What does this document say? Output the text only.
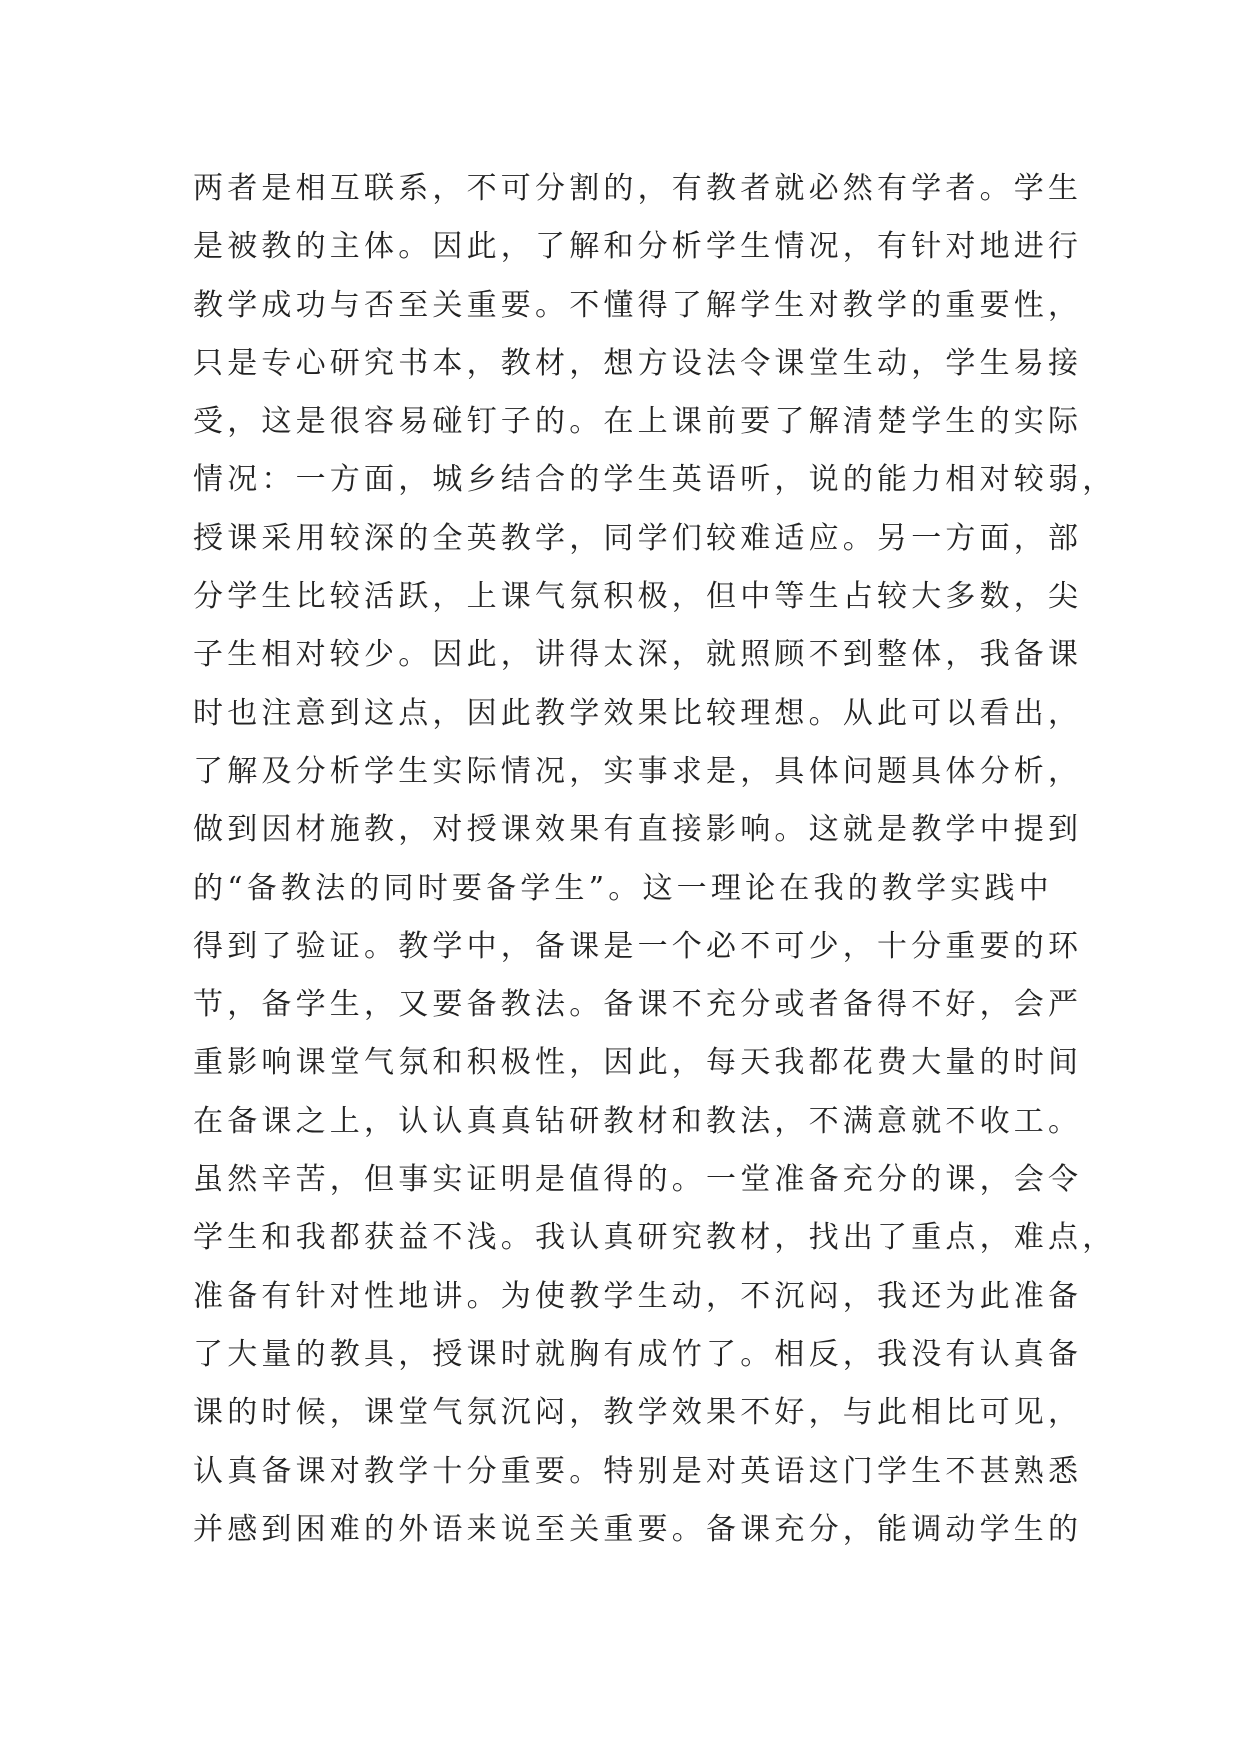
两者是相互联系，不可分割的，有教者就必然有学者。学生
是被教的主体。因此，了解和分析学生情况，有针对地进行
教学成功与否至关重要。不懂得了解学生对教学的重要性，
只是专心研究书本，教材，想方设法令课堂生动，学生易接
受，这是很容易碰钉子的。在上课前要了解清楚学生的实际
情况：一方面，城乡结合的学生英语听，说的能力相对较弱，
授课采用较深的全英教学，同学们较难适应。另一方面，部
分学生比较活跃，上课气氛积极，但中等生占较大多数，尖
子生相对较少。因此，讲得太深，就照顾不到整体，我备课
时也注意到这点，因此教学效果比较理想。从此可以看出，
了解及分析学生实际情况，实事求是，具体问题具体分析，
做到因材施教，对授课效果有直接影响。这就是教学中提到
的“备教法的同时要备学生”。这一理论在我的教学实践中
得到了验证。教学中，备课是一个必不可少，十分重要的环
节，备学生，又要备教法。备课不充分或者备得不好，会严
重影响课堂气氛和积极性，因此，每天我都花费大量的时间
在备课之上，认认真真钻研教材和教法，不满意就不收工。
虽然辛苦，但事实证明是值得的。一堂准备充分的课，会令
学生和我都获益不浅。我认真研究教材，找出了重点，难点，
准备有针对性地讲。为使教学生动，不沉闷，我还为此准备
了大量的教具，授课时就胸有成竹了。相反，我没有认真备
课的时候，课堂气氛沉闷，教学效果不好，与此相比可见，
认真备课对教学十分重要。特别是对英语这门学生不甚熟悉
并感到困难的外语来说至关重要。备课充分，能调动学生的
